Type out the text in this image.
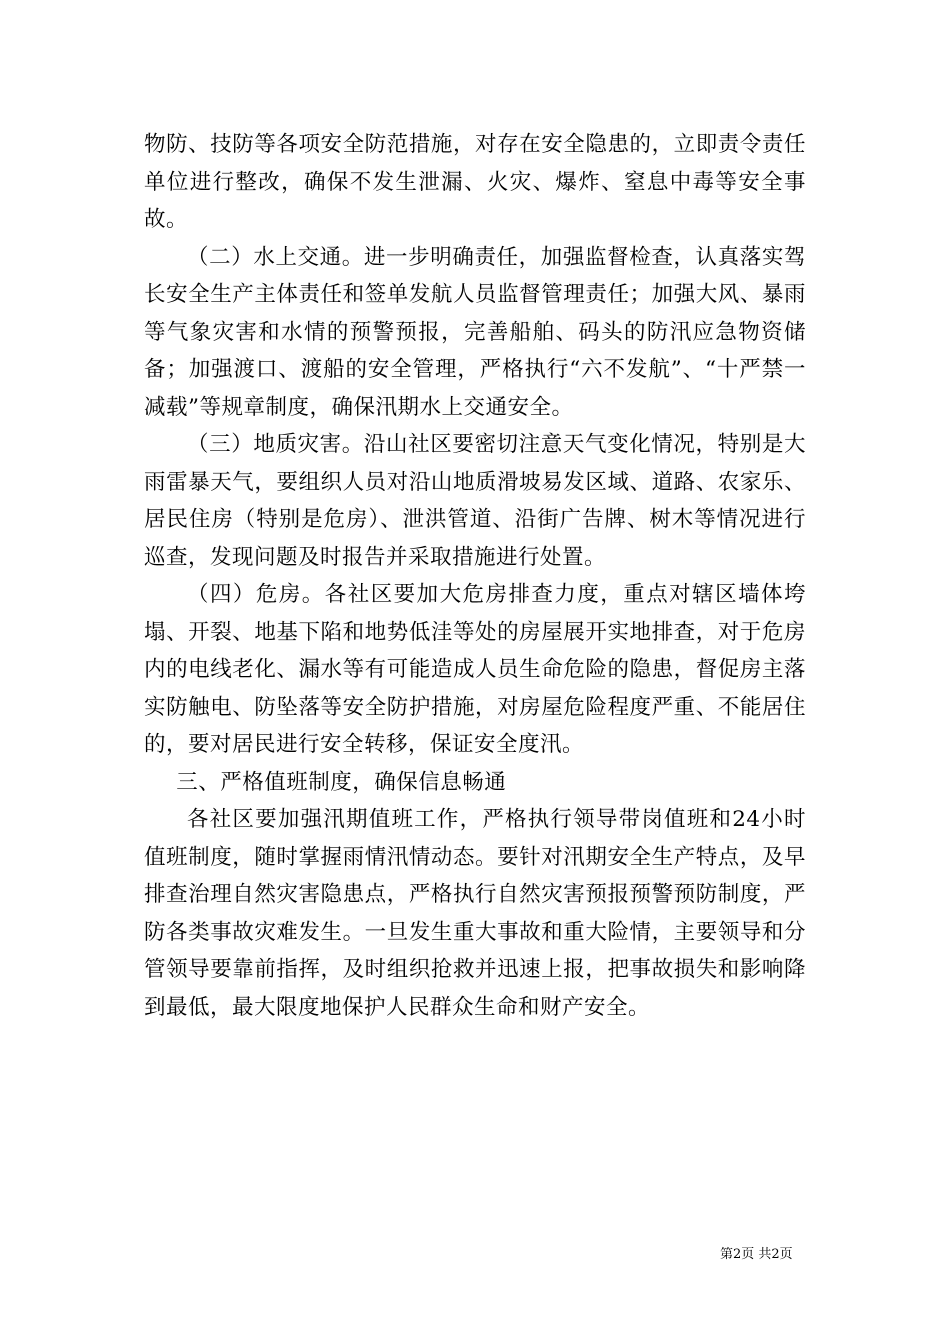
物防、技防等各项安全防范措施，对存在安全隐患的，立即责令责任单位进行整改，确保不发生泄漏、火灾、爆炸、窒息中毒等安全事故。

（二）水上交通。进一步明确责任，加强监督检查，认真落实驾长安全生产主体责任和签单发航人员监督管理责任；加强大风、暴雨等气象灾害和水情的预警预报，完善船舶、码头的防汛应急物资储备；加强渡口、渡船的安全管理，严格执行“六不发航”、“十严禁一减载”等规章制度，确保汛期水上交通安全。

（三）地质灾害。沿山社区要密切注意天气变化情况，特别是大雨雷暴天气，要组织人员对沿山地质滑坡易发区域、道路、农家乐、居民住房（特别是危房）、泄洪管道、沿街广告牌、树木等情况进行巡查，发现问题及时报告并采取措施进行处置。

（四）危房。各社区要加大危房排查力度，重点对辖区墙体垮塌、开裂、地基下陷和地势低洼等处的房屋展开实地排查，对于危房内的电线老化、漏水等有可能造成人员生命危险的隐患，督促房主落实防触电、防坠落等安全防护措施，对房屋危险程度严重、不能居住的，要对居民进行安全转移，保证安全度汛。

三、严格值班制度，确保信息畅通

各社区要加强汛期值班工作，严格执行领导带岗值班和24小时值班制度，随时掌握雨情汛情动态。要针对汛期安全生产特点，及早排查治理自然灾害隐患点，严格执行自然灾害预报预警预防制度，严防各类事故灾难发生。一旦发生重大事故和重大险情，主要领导和分管领导要靠前指挥，及时组织抢救并迅速上报，把事故损失和影响降到最低，最大限度地保护人民群众生命和财产安全。

第2页 共2页
